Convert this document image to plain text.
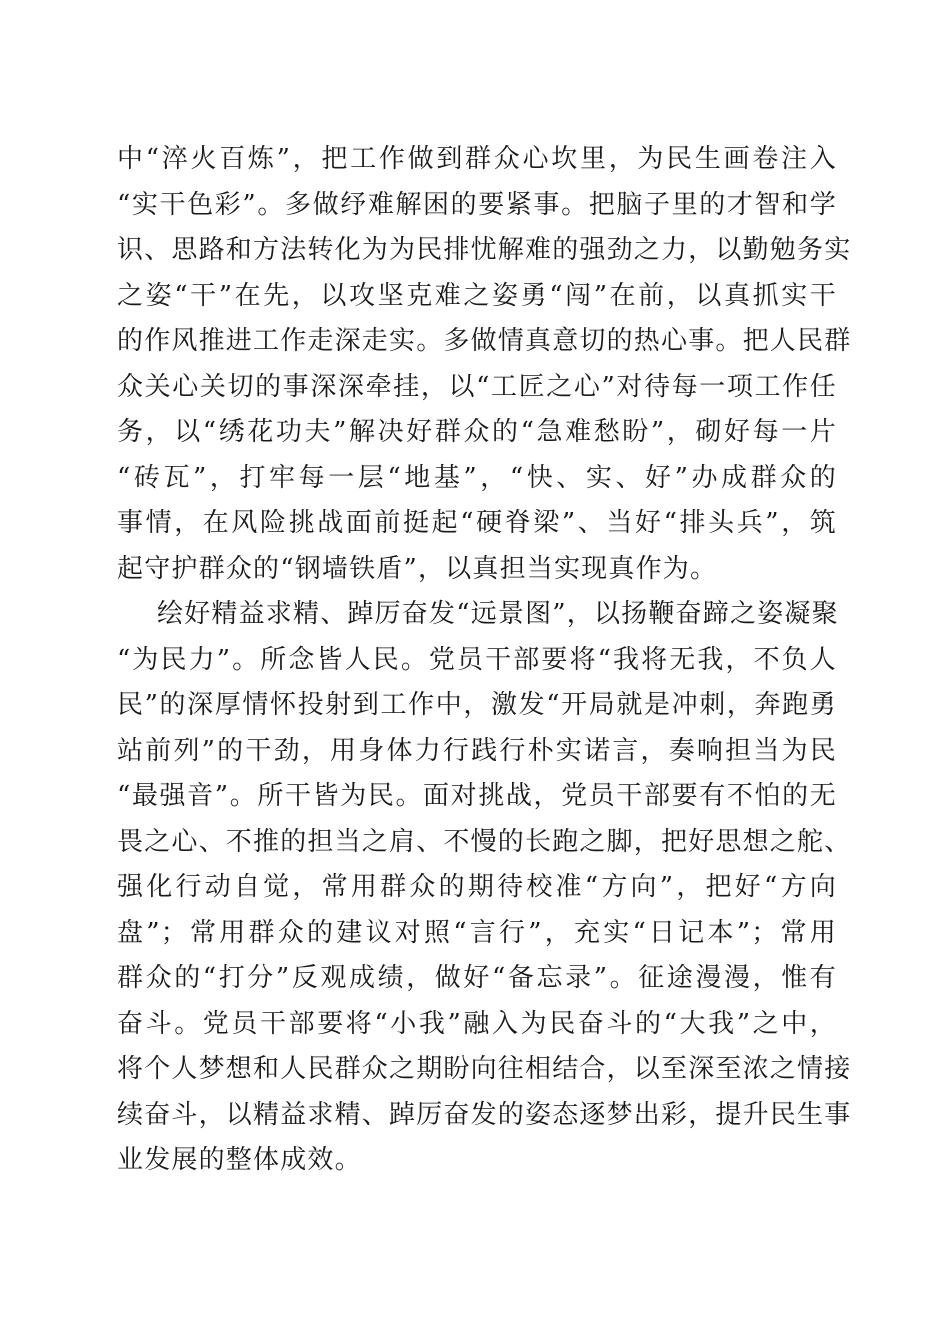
中“淬火百炼”，把工作做到群众心坎里，为民生画卷注入
“实干色彩”。多做纾难解困的要紧事。把脑子里的才智和学
识、思路和方法转化为为民排忧解难的强劲之力，以勤勉务实
之姿“干”在先，以攻坚克难之姿勇“闯”在前，以真抓实干
的作风推进工作走深走实。多做情真意切的热心事。把人民群
众关心关切的事深深牵挂，以“工匠之心”对待每一项工作任
务，以“绣花功夫”解决好群众的“急难愁盼”，砌好每一片
“砖瓦”，打牢每一层“地基”，“快、实、好”办成群众的
事情，在风险挑战面前挺起“硬脊梁”、当好“排头兵”，筑
起守护群众的“钢墙铁盾”，以真担当实现真作为。
绘好精益求精、踔厉奋发“远景图”，以扬鞭奋蹄之姿凝聚
“为民力”。所念皆人民。党员干部要将“我将无我，不负人
民”的深厚情怀投射到工作中，激发“开局就是冲刺，奔跑勇
站前列”的干劲，用身体力行践行朴实诺言，奏响担当为民
“最强音”。所干皆为民。面对挑战，党员干部要有不怕的无
畏之心、不推的担当之肩、不慢的长跑之脚，把好思想之舵、
强化行动自觉，常用群众的期待校准“方向”，把好“方向
盘”；常用群众的建议对照“言行”，充实“日记本”；常用
群众的“打分”反观成绩，做好“备忘录”。征途漫漫，惟有
奋斗。党员干部要将“小我”融入为民奋斗的“大我”之中，
将个人梦想和人民群众之期盼向往相结合，以至深至浓之情接
续奋斗，以精益求精、踔厉奋发的姿态逐梦出彩，提升民生事
业发展的整体成效。
